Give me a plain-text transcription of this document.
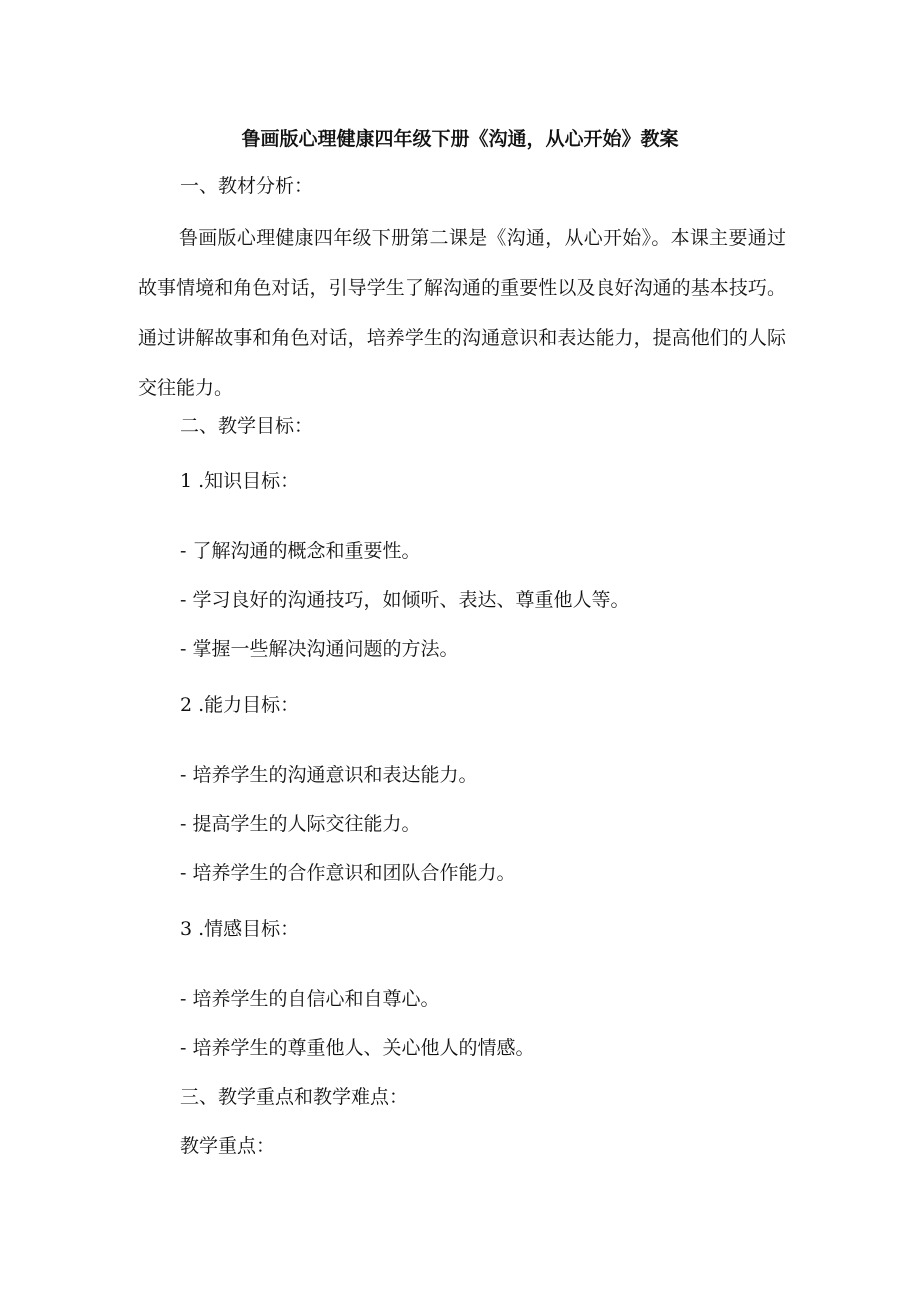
鲁画版心理健康四年级下册《沟通，从心开始》教案
一、教材分析：
鲁画版心理健康四年级下册第二课是《沟通，从心开始》。本课主要通过故事情境和角色对话，引导学生了解沟通的重要性以及良好沟通的基本技巧。通过讲解故事和角色对话，培养学生的沟通意识和表达能力，提高他们的人际交往能力。
二、教学目标：
1 .知识目标：
- 了解沟通的概念和重要性。
- 学习良好的沟通技巧，如倾听、表达、尊重他人等。
- 掌握一些解决沟通问题的方法。
2 .能力目标：
- 培养学生的沟通意识和表达能力。
- 提高学生的人际交往能力。
- 培养学生的合作意识和团队合作能力。
3 .情感目标：
- 培养学生的自信心和自尊心。
- 培养学生的尊重他人、关心他人的情感。
三、教学重点和教学难点：
教学重点：
